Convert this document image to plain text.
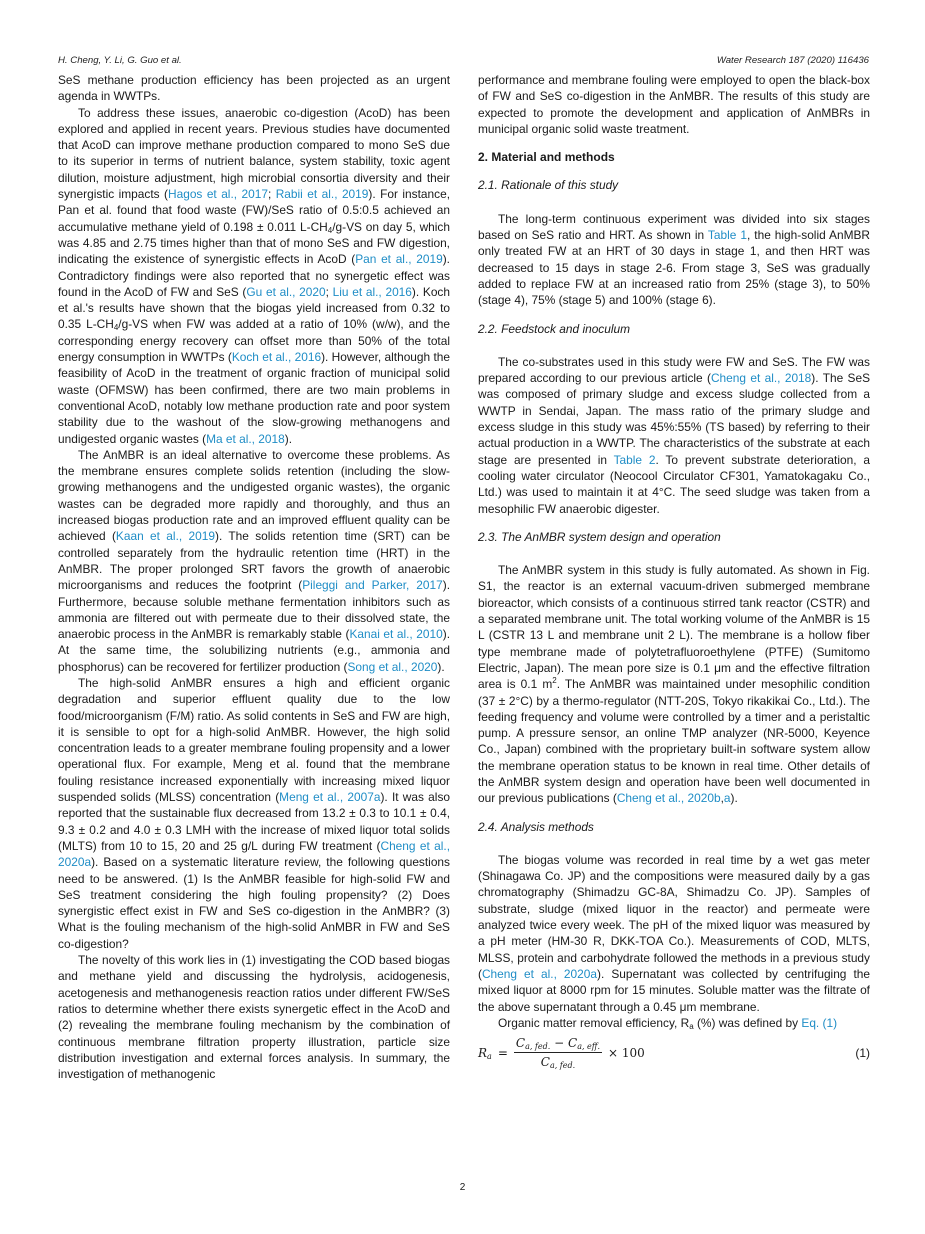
H. Cheng, Y. Li, G. Guo et al.	Water Research 187 (2020) 116436

SeS methane production efficiency has been projected as an urgent agenda in WWTPs.

To address these issues, anaerobic co-digestion (AcoD) has been explored and applied in recent years. Previous studies have documented that AcoD can improve methane production compared to mono SeS due to its superior in terms of nutrient balance, system stability, toxic agent dilution, moisture adjustment, high microbial consortia diversity and their synergistic impacts (Hagos et al., 2017; Rabii et al., 2019). For instance, Pan et al. found that food waste (FW)/SeS ratio of 0.5:0.5 achieved an accumulative methane yield of 0.198 ± 0.011 $L-CH_4/g-VS$ on day 5, which was 4.85 and 2.75 times higher than that of mono SeS and FW digestion, indicating the existence of synergistic effects in AcoD (Pan et al., 2019). Contradictory findings were also reported that no synergetic effect was found in the AcoD of FW and SeS (Gu et al., 2020; Liu et al., 2016). Koch et al.'s results have shown that the biogas yield increased from 0.32 to 0.35 $L-CH_4/g-VS$ when FW was added at a ratio of 10% (w/w), and the corresponding energy recovery can offset more than 50% of the total energy consumption in WWTPs (Koch et al., 2016). However, although the feasibility of AcoD in the treatment of organic fraction of municipal solid waste (OFMSW) has been confirmed, there are two main problems in conventional AcoD, notably low methane production rate and poor system stability due to the washout of the slow-growing methanogens and undigested organic wastes (Ma et al., 2018).

The AnMBR is an ideal alternative to overcome these problems. As the membrane ensures complete solids retention (including the slow-growing methanogens and the undigested organic wastes), the organic wastes can be degraded more rapidly and thoroughly, and thus an increased biogas production rate and an improved effluent quality can be achieved (Kaan et al., 2019). The solids retention time (SRT) can be controlled separately from the hydraulic retention time (HRT) in the AnMBR. The proper prolonged SRT favors the growth of anaerobic microorganisms and reduces the footprint (Pileggi and Parker, 2017). Furthermore, because soluble methane fermentation inhibitors such as ammonia are filtered out with permeate due to their dissolved state, the anaerobic process in the AnMBR is remarkably stable (Kanai et al., 2010). At the same time, the solubilizing nutrients (e.g., ammonia and phosphorus) can be recovered for fertilizer production (Song et al., 2020).

The high-solid AnMBR ensures a high and efficient organic degradation and superior effluent quality due to the low food/microorganism (F/M) ratio. As solid contents in SeS and FW are high, it is sensible to opt for a high-solid AnMBR. However, the high solid concentration leads to a greater membrane fouling propensity and a lower operational flux. For example, Meng et al. found that the membrane fouling resistance increased exponentially with increasing mixed liquor suspended solids (MLSS) concentration (Meng et al., 2007a). It was also reported that the sustainable flux decreased from 13.2 ± 0.3 to 10.1 ± 0.4, 9.3 ± 0.2 and 4.0 ± 0.3 LMH with the increase of mixed liquor total solids (MLTS) from 10 to 15, 20 and 25 g/L during FW treatment (Cheng et al., 2020a). Based on a systematic literature review, the following questions need to be answered. (1) Is the AnMBR feasible for high-solid FW and SeS treatment considering the high fouling propensity? (2) Does synergistic effect exist in FW and SeS co-digestion in the AnMBR? (3) What is the fouling mechanism of the high-solid AnMBR in FW and SeS co-digestion?

The novelty of this work lies in (1) investigating the COD based biogas and methane yield and discussing the hydrolysis, acidogenesis, acetogenesis and methanogenesis reaction ratios under different FW/SeS ratios to determine whether there exists synergetic effect in the AcoD and (2) revealing the membrane fouling mechanism by the combination of continuous membrane filtration property illustration, particle size distribution investigation and external forces analysis. In summary, the investigation of methanogenic

performance and membrane fouling were employed to open the black-box of FW and SeS co-digestion in the AnMBR. The results of this study are expected to promote the development and application of AnMBRs in municipal organic solid waste treatment.

2. Material and methods
2.1. Rationale of this study

The long-term continuous experiment was divided into six stages based on SeS ratio and HRT. As shown in Table 1, the high-solid AnMBR only treated FW at an HRT of 30 days in stage 1, and then HRT was decreased to 15 days in stage 2-6. From stage 3, SeS was gradually added to replace FW at an increased ratio from 25% (stage 3), to 50% (stage 4), 75% (stage 5) and 100% (stage 6).

2.2. Feedstock and inoculum

The co-substrates used in this study were FW and SeS. The FW was prepared according to our previous article (Cheng et al., 2018). The SeS was composed of primary sludge and excess sludge collected from a WWTP in Sendai, Japan. The mass ratio of the primary sludge and excess sludge in this study was 45%:55% (TS based) by referring to their actual production in a WWTP. The characteristics of the substrate at each stage are presented in Table 2. To prevent substrate deterioration, a cooling water circulator (Neocool Circulator CF301, Yamatokagaku Co., Ltd.) was used to maintain it at 4°C. The seed sludge was taken from a mesophilic FW anaerobic digester.

2.3. The AnMBR system design and operation

The AnMBR system in this study is fully automated. As shown in Fig. S1, the reactor is an external vacuum-driven submerged membrane bioreactor, which consists of a continuous stirred tank reactor (CSTR) and a separated membrane unit. The total working volume of the AnMBR is 15 L (CSTR 13 L and membrane unit 2 L). The membrane is a hollow fiber type membrane made of polytetrafluoroethylene (PTFE) (Sumitomo Electric, Japan). The mean pore size is 0.1 μm and the effective filtration area is 0.1 $m^2$. The AnMBR was maintained under mesophilic condition (37 ± 2°C) by a thermo-regulator (NTT-20S, Tokyo rikakikai Co., Ltd.). The feeding frequency and volume were controlled by a timer and a peristaltic pump. A pressure sensor, an online TMP analyzer (NR-5000, Keyence Co., Japan) combined with the proprietary built-in software system allow the membrane operation status to be known in real time. Other details of the AnMBR system design and operation have been well documented in our previous publications (Cheng et al., 2020b,a).

2.4. Analysis methods

The biogas volume was recorded in real time by a wet gas meter (Shinagawa Co. JP) and the compositions were measured daily by a gas chromatography (Shimadzu GC-8A, Shimadzu Co. JP). Samples of substrate, sludge (mixed liquor in the reactor) and permeate were analyzed twice every week. The pH of the mixed liquor was measured by a pH meter (HM-30 R, DKK-TOA Co.). Measurements of COD, MLTS, MLSS, protein and carbohydrate followed the methods in a previous study (Cheng et al., 2020a). Supernatant was collected by centrifuging the mixed liquor at 8000 rpm for 15 minutes. Soluble matter was the filtrate of the above supernatant through a 0.45 μm membrane.

Organic matter removal efficiency, $R_a$ (%) was defined by Eq. (1)

$R_a = \frac{C_{a, fed.} - C_{a, eff.}}{C_{a, fed.}} \times 100$	(1)
2
